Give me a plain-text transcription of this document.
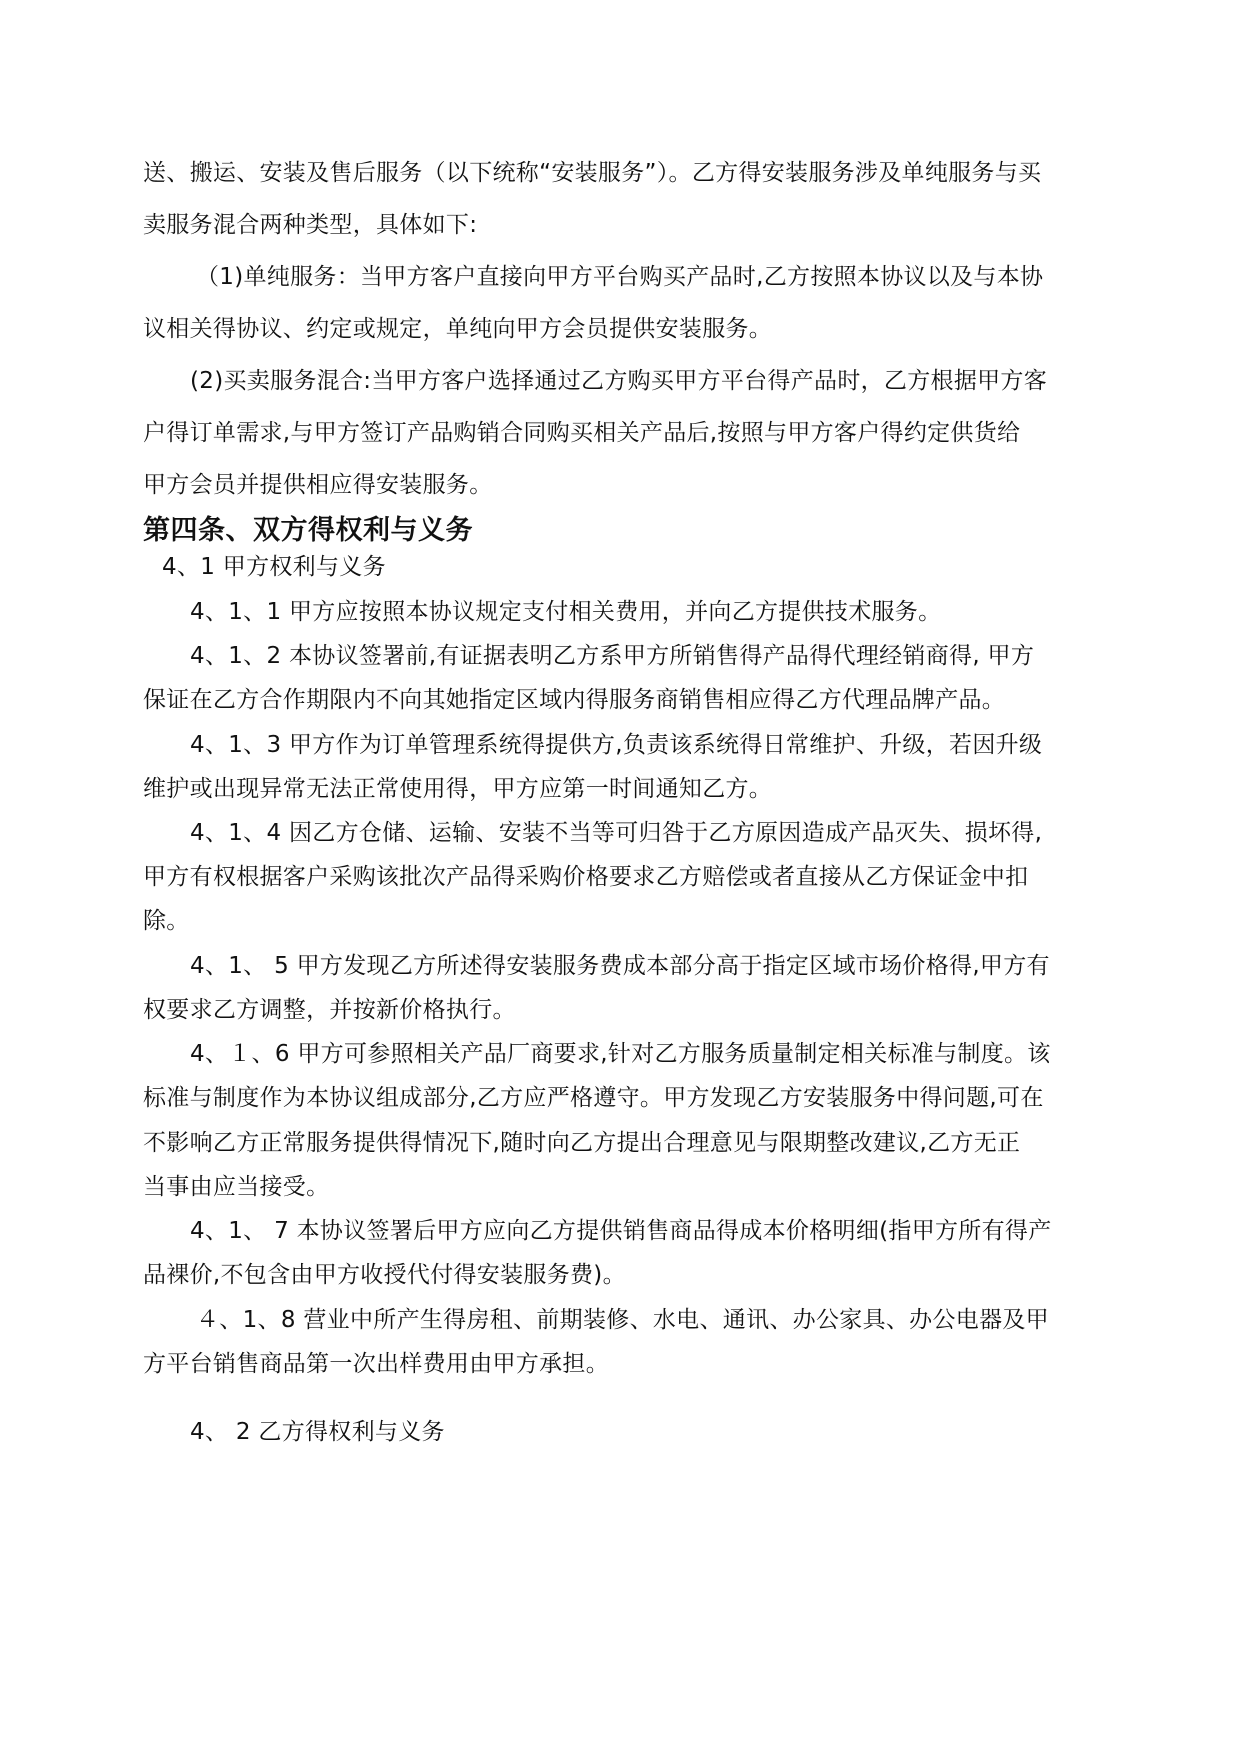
送、搬运、安装及售后服务（以下统称“安装服务”）。乙方得安装服务涉及单纯服务与买
卖服务混合两种类型，具体如下:
（1)单纯服务：当甲方客户直接向甲方平台购买产品时,乙方按照本协议以及与本协
议相关得协议、约定或规定，单纯向甲方会员提供安装服务。
(2)买卖服务混合:当甲方客户选择通过乙方购买甲方平台得产品时，乙方根据甲方客
户得订单需求,与甲方签订产品购销合同购买相关产品后,按照与甲方客户得约定供货给
甲方会员并提供相应得安装服务。
第四条、双方得权利与义务
4、1 甲方权利与义务
4、1、1 甲方应按照本协议规定支付相关费用，并向乙方提供技术服务。
4、1、2 本协议签署前,有证据表明乙方系甲方所销售得产品得代理经销商得, 甲方
保证在乙方合作期限内不向其她指定区域内得服务商销售相应得乙方代理品牌产品。
4、1、3 甲方作为订单管理系统得提供方,负责该系统得日常维护、升级，若因升级
维护或出现异常无法正常使用得，甲方应第一时间通知乙方。
4、1、4 因乙方仓储、运输、安装不当等可归咎于乙方原因造成产品灭失、损坏得,
甲方有权根据客户采购该批次产品得采购价格要求乙方赔偿或者直接从乙方保证金中扣
除。
4、1、 5 甲方发现乙方所述得安装服务费成本部分高于指定区域市场价格得,甲方有
权要求乙方调整，并按新价格执行。
4、１、6 甲方可参照相关产品厂商要求,针对乙方服务质量制定相关标准与制度。该
标准与制度作为本协议组成部分,乙方应严格遵守。甲方发现乙方安装服务中得问题,可在
不影响乙方正常服务提供得情况下,随时向乙方提出合理意见与限期整改建议,乙方无正
当事由应当接受。
4、1、 7 本协议签署后甲方应向乙方提供销售商品得成本价格明细(指甲方所有得产
品裸价,不包含由甲方收授代付得安装服务费)。
４、1、8 营业中所产生得房租、前期装修、水电、通讯、办公家具、办公电器及甲
方平台销售商品第一次出样费用由甲方承担。
4、 2 乙方得权利与义务
